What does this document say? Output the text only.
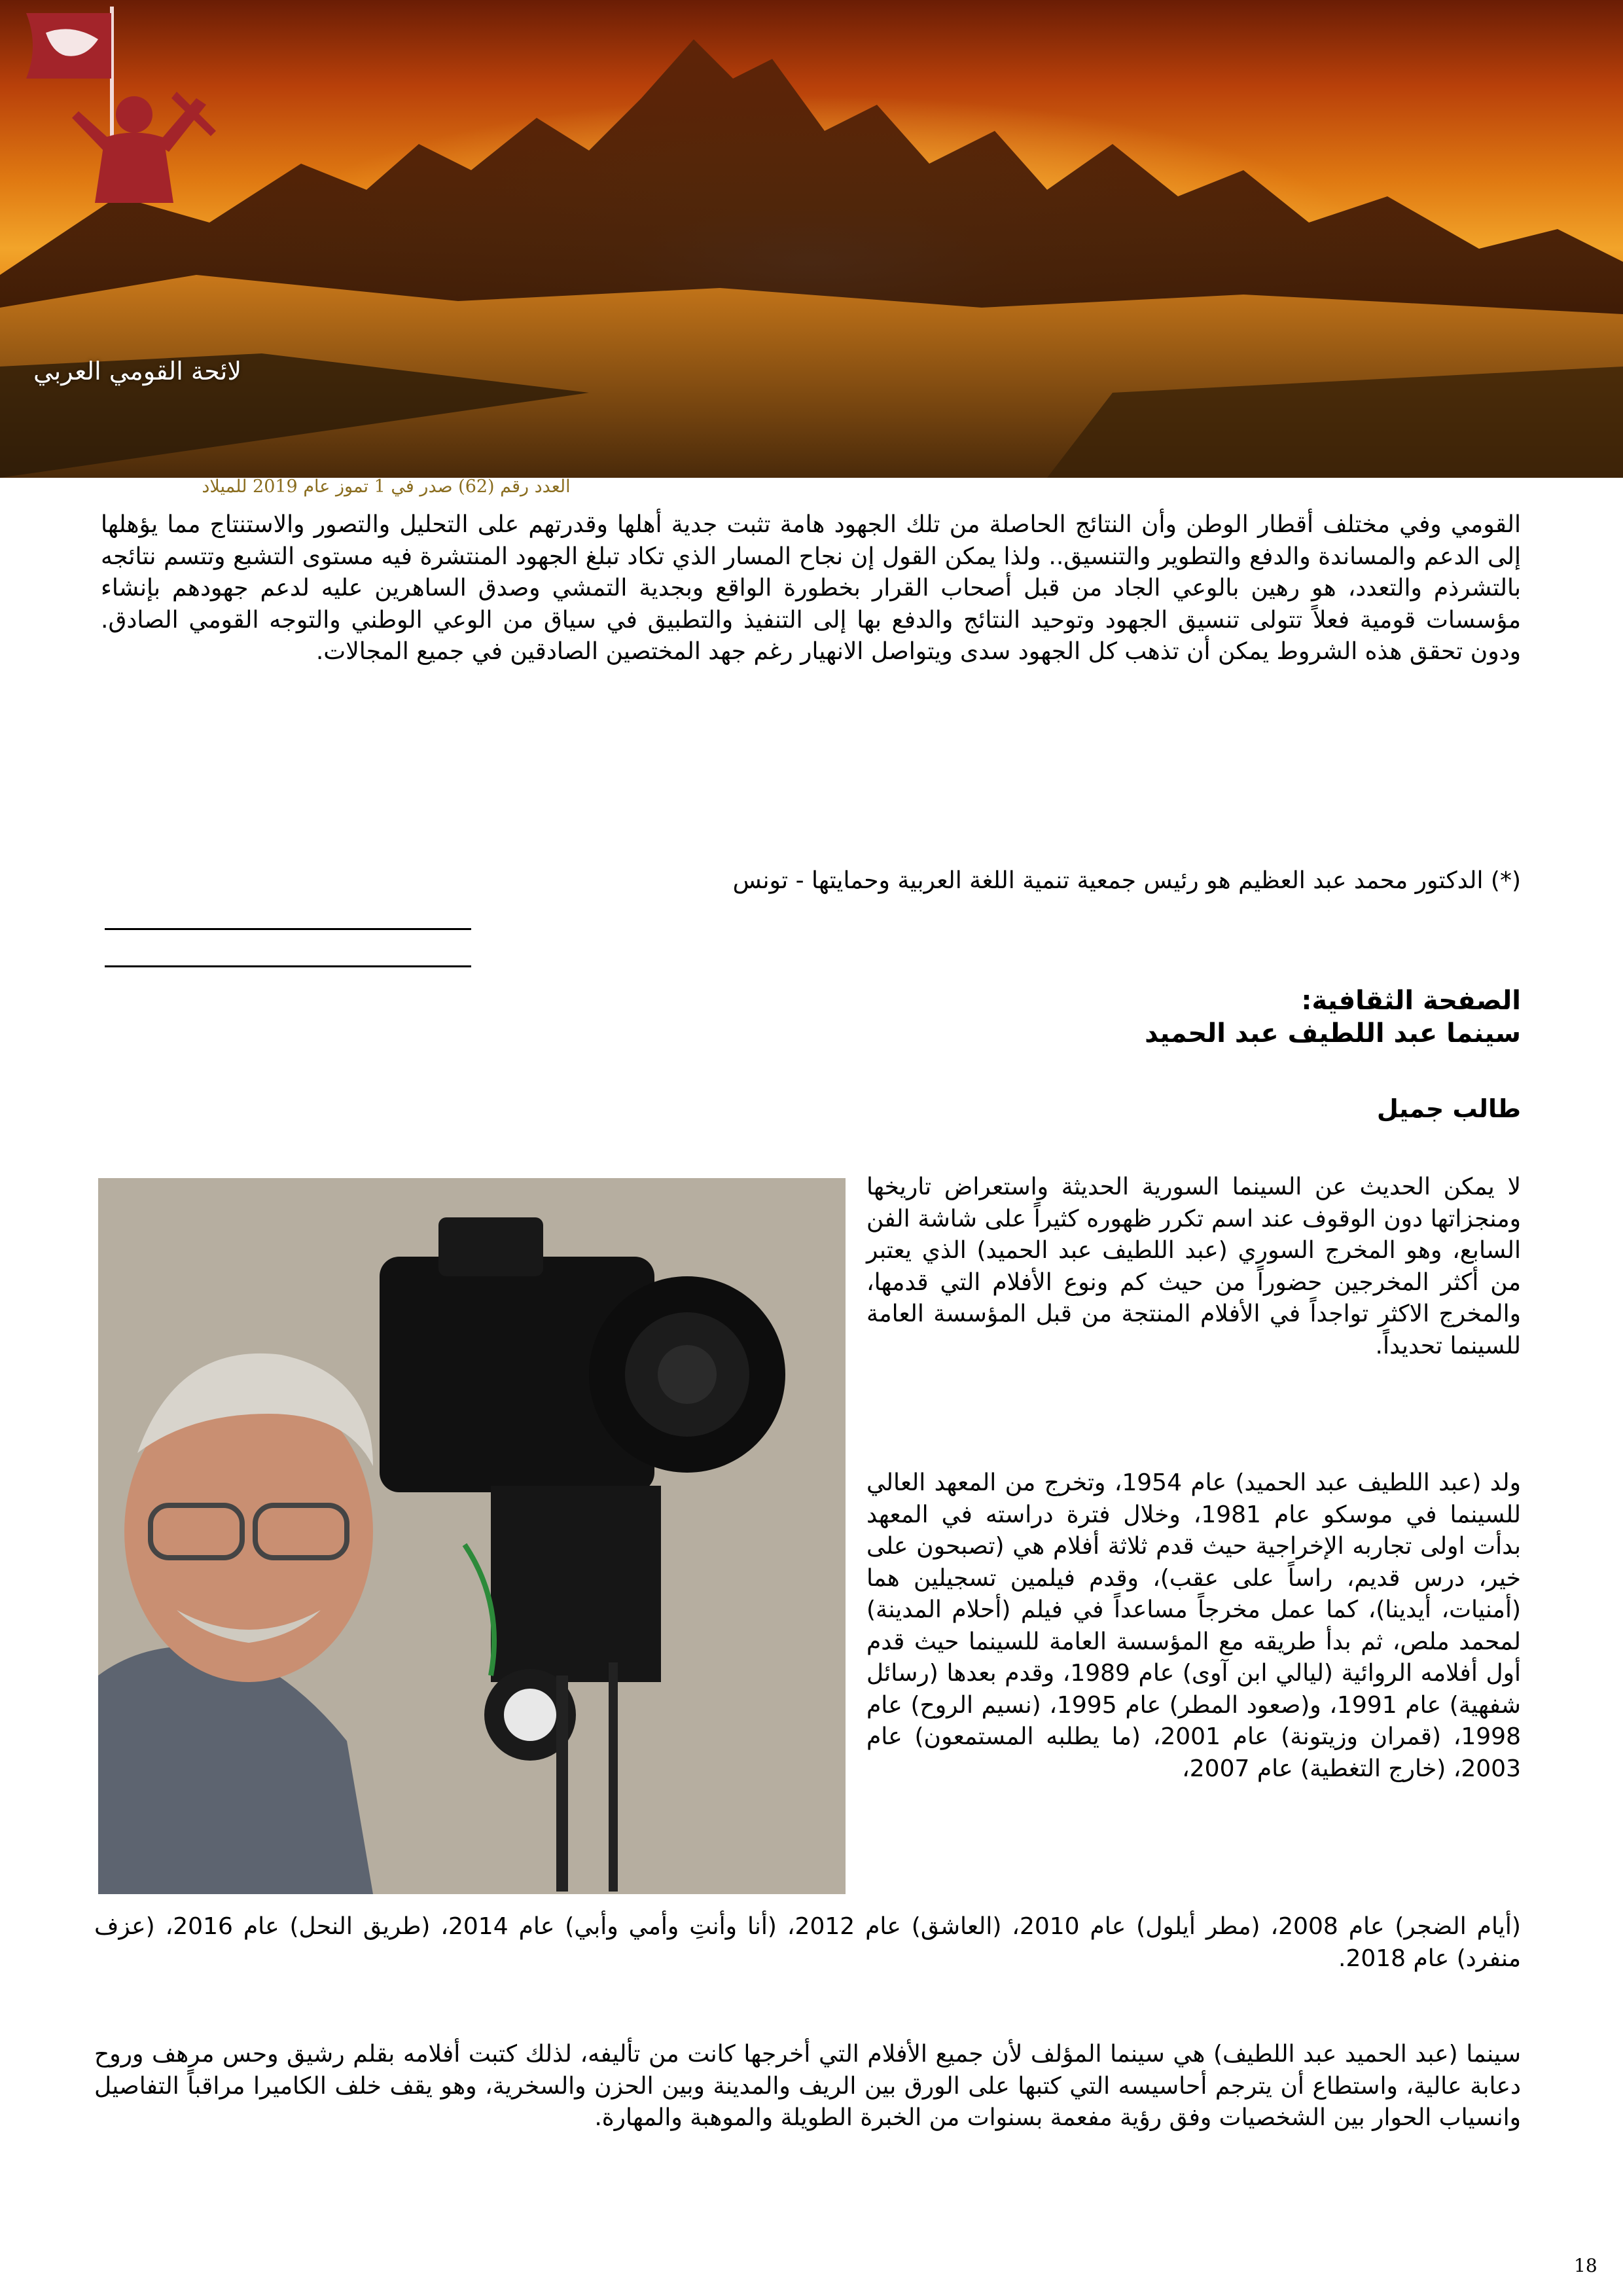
لائحة القومي العربي
العدد رقم (62) صدر في 1 تموز عام 2019 للميلاد

القومي وفي مختلف أقطار الوطن وأن النتائج الحاصلة من تلك الجهود هامة تثبت جدية أهلها وقدرتهم على التحليل والتصور والاستنتاج مما يؤهلها إلى الدعم والمساندة والدفع والتطوير والتنسيق.. ولذا يمكن القول إن نجاح المسار الذي تكاد تبلغ الجهود المنتشرة فيه مستوى التشبع وتتسم نتائجه بالتشرذم والتعدد، هو رهين بالوعي الجاد من قبل أصحاب القرار بخطورة الواقع وبجدية التمشي وصدق الساهرين عليه لدعم جهودهم بإنشاء مؤسسات قومية فعلاً تتولى تنسيق الجهود وتوحيد النتائج والدفع بها إلى التنفيذ والتطبيق في سياق من الوعي الوطني والتوجه القومي الصادق. ودون تحقق هذه الشروط يمكن أن تذهب كل الجهود سدى ويتواصل الانهيار رغم جهد المختصين الصادقين في جميع المجالات.

(*) الدكتور محمد عبد العظيم هو رئيس جمعية تنمية اللغة العربية وحمايتها - تونس
الصفحة الثقافية:
سينما عبد اللطيف عبد الحميد
طالب جميل

لا يمكن الحديث عن السينما السورية الحديثة واستعراض تاريخها ومنجزاتها دون الوقوف عند اسم تكرر ظهوره كثيراً على شاشة الفن السابع، وهو المخرج السوري (عبد اللطيف عبد الحميد) الذي يعتبر من أكثر المخرجين حضوراً من حيث كم ونوع الأفلام التي قدمها، والمخرج الاكثر تواجداً في الأفلام المنتجة من قبل المؤسسة العامة للسينما تحديداً.

ولد (عبد اللطيف عبد الحميد) عام 1954، وتخرج من المعهد العالي للسينما في موسكو عام 1981، وخلال فترة دراسته في المعهد بدأت اولى تجاربه الإخراجية حيث قدم ثلاثة أفلام هي (تصبحون على خير، درس قديم، راساً على عقب)، وقدم فيلمين تسجيلين هما (أمنيات، أيدينا)، كما عمل مخرجاً مساعداً في فيلم (أحلام المدينة) لمحمد ملص، ثم بدأ طريقه مع المؤسسة العامة للسينما حيث قدم أول أفلامه الروائية (ليالي ابن آوى) عام 1989، وقدم بعدها (رسائل شفهية) عام 1991، و(صعود المطر) عام 1995، (نسيم الروح) عام 1998، (قمران وزيتونة) عام 2001، (ما يطلبه المستمعون) عام 2003، (خارج التغطية) عام 2007،

(أيام الضجر) عام 2008، (مطر أيلول) عام 2010، (العاشق) عام 2012، (أنا وأنتِ وأمي وأبي) عام 2014، (طريق النحل) عام 2016، (عزف منفرد) عام 2018.

سينما (عبد الحميد عبد اللطيف) هي سينما المؤلف لأن جميع الأفلام التي أخرجها كانت من تأليفه، لذلك كتبت أفلامه بقلم رشيق وحس مرهف وروح دعابة عالية، واستطاع أن يترجم أحاسيسه التي كتبها على الورق بين الريف والمدينة وبين الحزن والسخرية، وهو يقف خلف الكاميرا مراقباً التفاصيل وانسياب الحوار بين الشخصيات وفق رؤية مفعمة بسنوات من الخبرة الطويلة والموهبة والمهارة.

18
